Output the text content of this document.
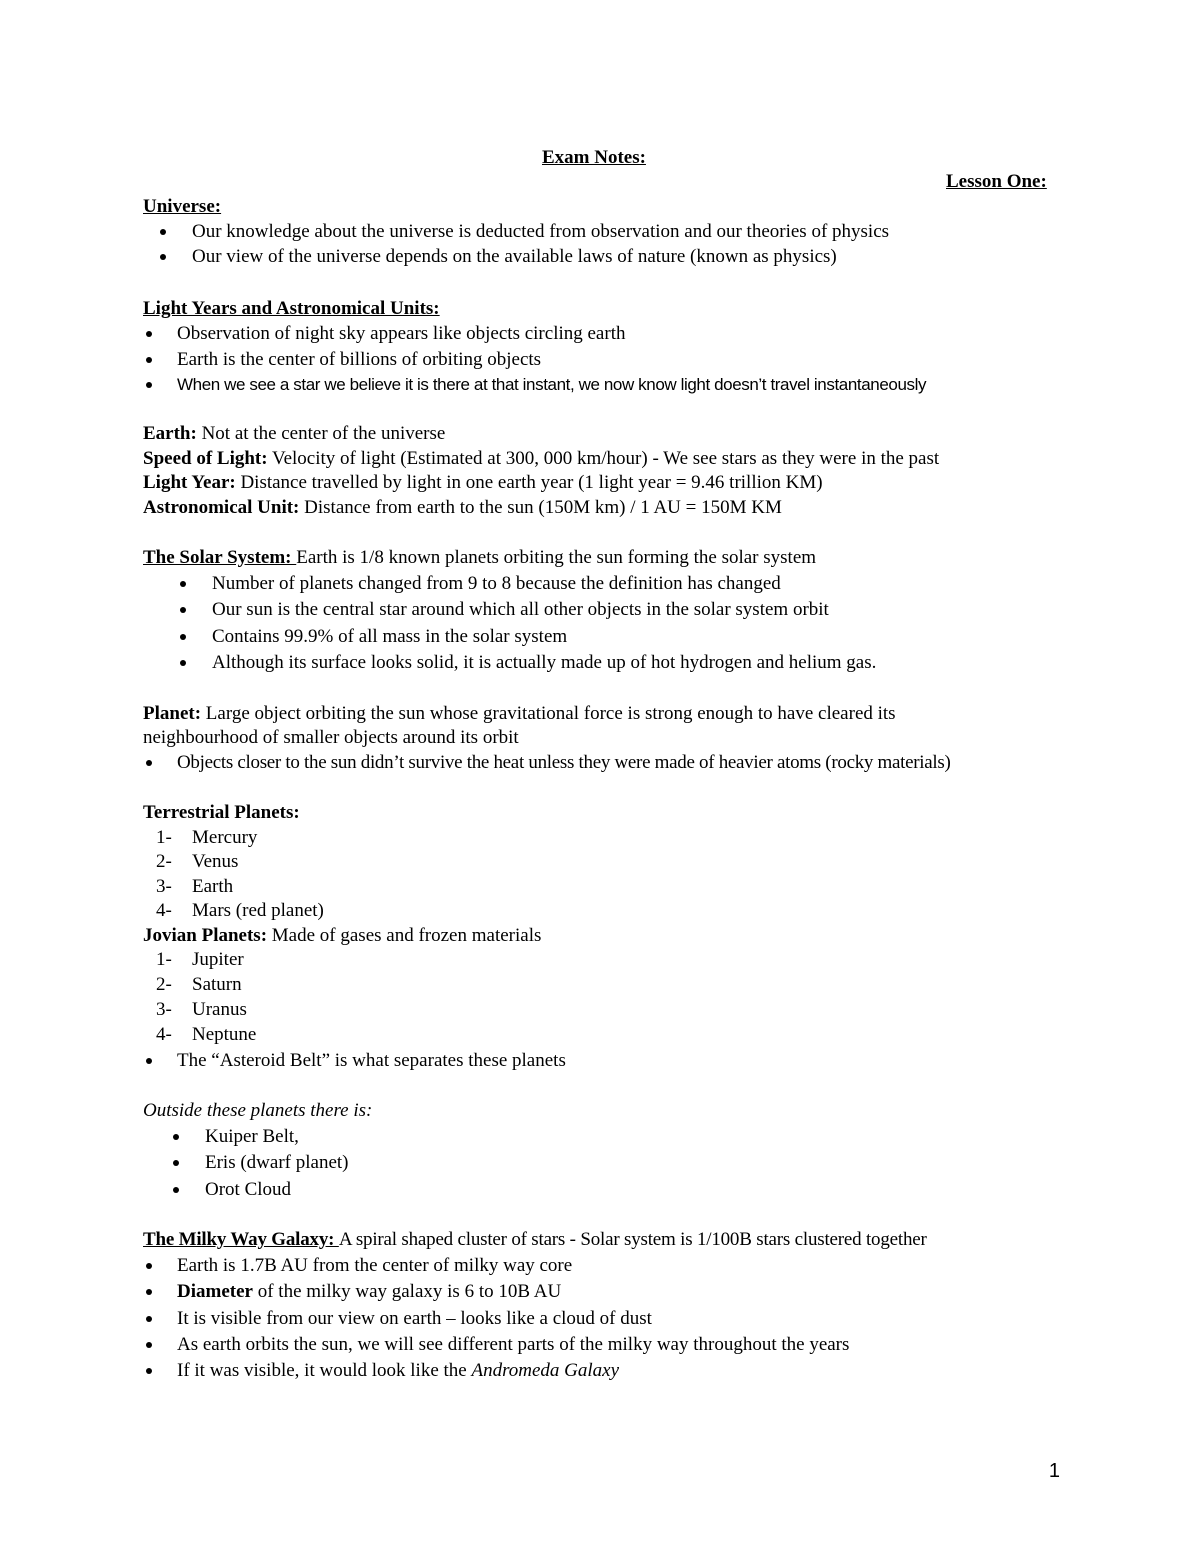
Exam Notes:
Lesson One:
Universe:
Our knowledge about the universe is deducted from observation and our theories of physics
Our view of the universe depends on the available laws of nature (known as physics)
Light Years and Astronomical Units:
Observation of night sky appears like objects circling earth
Earth is the center of billions of orbiting objects
When we see a star we believe it is there at that instant, we now know light doesn’t travel instantaneously
Earth: Not at the center of the universe
Speed of Light: Velocity of light (Estimated at 300, 000 km/hour) - We see stars as they were in the past
Light Year: Distance travelled by light in one earth year (1 light year = 9.46 trillion KM)
Astronomical Unit: Distance from earth to the sun (150M km) / 1 AU = 150M KM
The Solar System: Earth is 1/8 known planets orbiting the sun forming the solar system
Number of planets changed from 9 to 8 because the definition has changed
Our sun is the central star around which all other objects in the solar system orbit
Contains 99.9% of all mass in the solar system
Although its surface looks solid, it is actually made up of hot hydrogen and helium gas.
Planet: Large object orbiting the sun whose gravitational force is strong enough to have cleared its
neighbourhood of smaller objects around its orbit
Objects closer to the sun didn’t survive the heat unless they were made of heavier atoms (rocky materials)
Terrestrial Planets:
1- Mercury
2- Venus
3- Earth
4- Mars (red planet)
Jovian Planets: Made of gases and frozen materials
1- Jupiter
2- Saturn
3- Uranus
4- Neptune
The “Asteroid Belt” is what separates these planets
Outside these planets there is:
Kuiper Belt,
Eris (dwarf planet)
Orot Cloud
The Milky Way Galaxy: A spiral shaped cluster of stars - Solar system is 1/100B stars clustered together
Earth is 1.7B AU from the center of milky way core
Diameter of the milky way galaxy is 6 to 10B AU
It is visible from our view on earth – looks like a cloud of dust
As earth orbits the sun, we will see different parts of the milky way throughout the years
If it was visible, it would look like the Andromeda Galaxy
1
